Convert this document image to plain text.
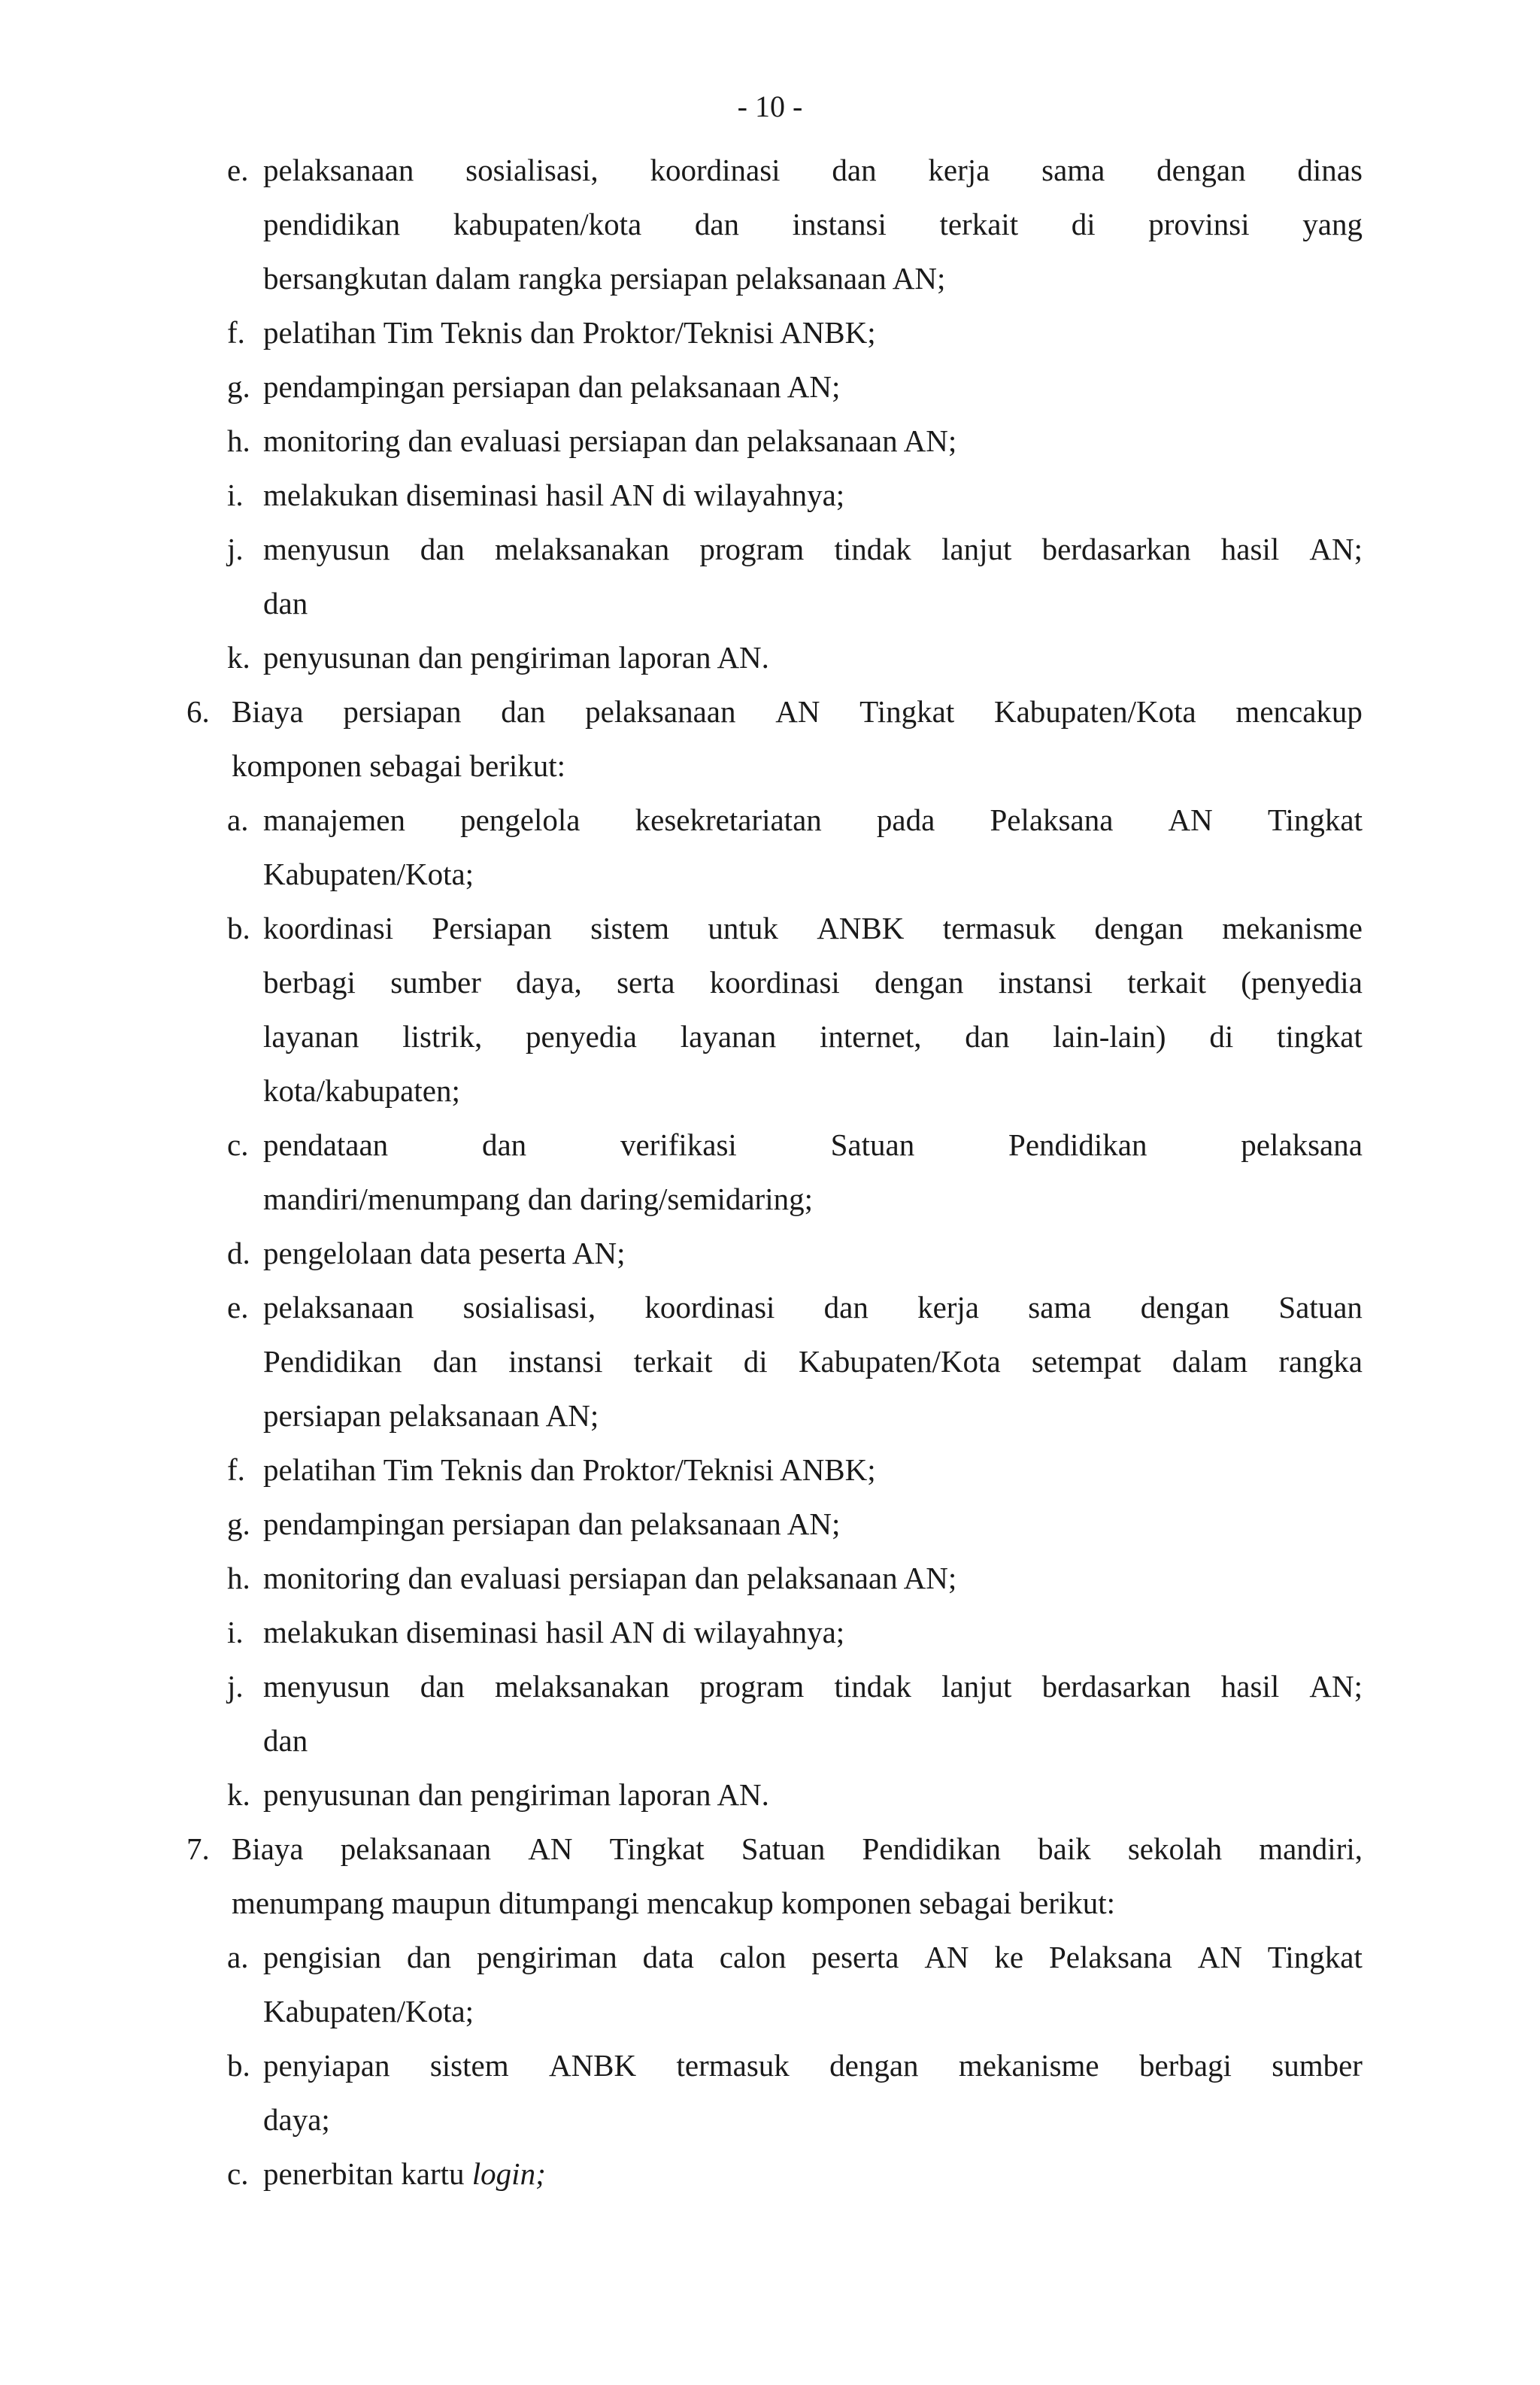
- 10 -
e. pelaksanaan sosialisasi, koordinasi dan kerja sama dengan dinas
pendidikan kabupaten/kota dan instansi terkait di provinsi yang
bersangkutan dalam rangka persiapan pelaksanaan AN;
f. pelatihan Tim Teknis dan Proktor/Teknisi ANBK;
g. pendampingan persiapan dan pelaksanaan AN;
h. monitoring dan evaluasi persiapan dan pelaksanaan AN;
i. melakukan diseminasi hasil AN di wilayahnya;
j. menyusun dan melaksanakan program tindak lanjut berdasarkan hasil AN;
dan
k. penyusunan dan pengiriman laporan AN.
6. Biaya persiapan dan pelaksanaan AN Tingkat Kabupaten/Kota mencakup
komponen sebagai berikut:
a. manajemen pengelola kesekretariatan pada Pelaksana AN Tingkat
Kabupaten/Kota;
b. koordinasi Persiapan sistem untuk ANBK termasuk dengan mekanisme
berbagi sumber daya, serta koordinasi dengan instansi terkait (penyedia
layanan listrik, penyedia layanan internet, dan lain-lain) di tingkat
kota/kabupaten;
c. pendataan	dan	verifikasi	Satuan	Pendidikan	pelaksana
mandiri/menumpang dan daring/semidaring;
d. pengelolaan data peserta AN;
e. pelaksanaan sosialisasi, koordinasi dan kerja sama dengan Satuan
Pendidikan dan instansi terkait di Kabupaten/Kota setempat dalam rangka
persiapan pelaksanaan AN;
f. pelatihan Tim Teknis dan Proktor/Teknisi ANBK;
g. pendampingan persiapan dan pelaksanaan AN;
h. monitoring dan evaluasi persiapan dan pelaksanaan AN;
i. melakukan diseminasi hasil AN di wilayahnya;
j. menyusun dan melaksanakan program tindak lanjut berdasarkan hasil AN;
dan
k. penyusunan dan pengiriman laporan AN.
7. Biaya pelaksanaan AN Tingkat Satuan Pendidikan baik sekolah mandiri,
menumpang maupun ditumpangi mencakup komponen sebagai berikut:
a. pengisian dan pengiriman data calon peserta AN ke Pelaksana AN Tingkat
Kabupaten/Kota;
b. penyiapan sistem ANBK termasuk dengan mekanisme berbagi sumber
daya;
c. penerbitan kartu login;
